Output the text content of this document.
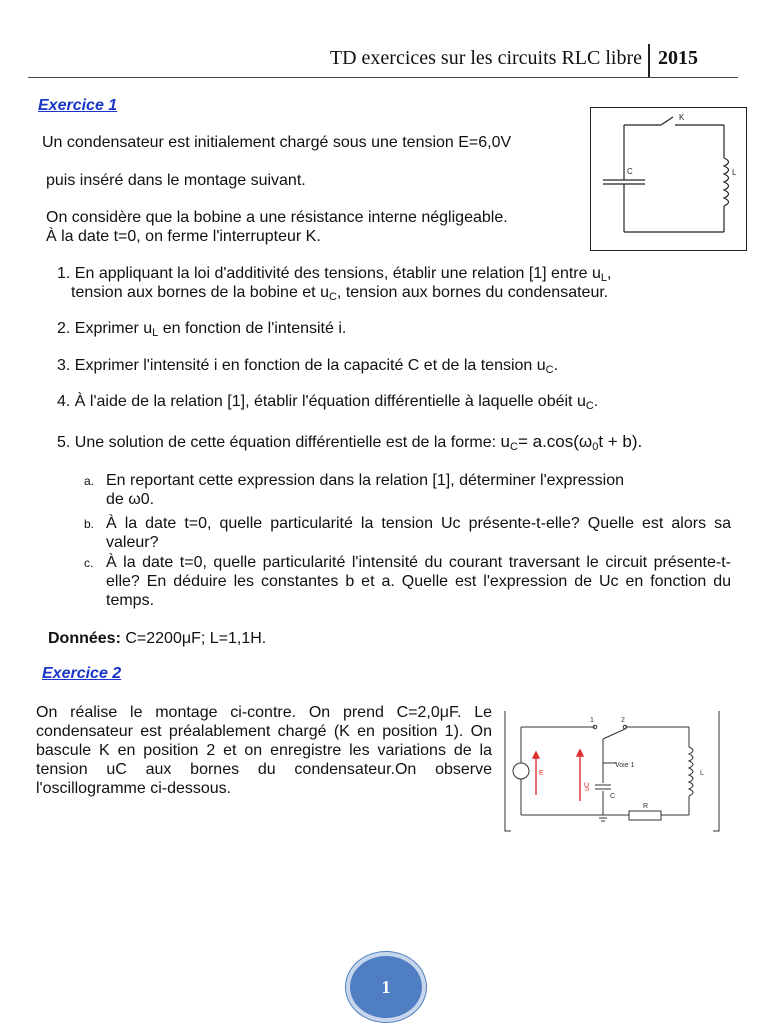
TD exercices sur les circuits RLC libre 2015
Exercice 1
Un condensateur est initialement chargé sous une tension E=6,0V
puis inséré dans le montage suivant.
On considère que la bobine a une résistance interne négligeable.
À la date t=0, on ferme l'interrupteur K.
K
C	L
1. En appliquant la loi d'additivité des tensions, établir une relation [1] entre $u_L$,
tension aux bornes de la bobine et $u_C$, tension aux bornes du condensateur.
2. Exprimer $u_L$ en fonction de l'intensité i.
3. Exprimer l'intensité i en fonction de la capacité C et de la tension $u_C$.
4. À l'aide de la relation [1], établir l'équation différentielle à laquelle obéit $u_C$.
5. Une solution de cette équation différentielle est de la forme: $u_C= a.\cos(\omega_0t + b)$.
a. En reportant cette expression dans la relation [1], déterminer l'expression
de ω0.
b. À la date t=0, quelle particularité la tension Uc présente-t-elle? Quelle est alors sa valeur?
c. À la date t=0, quelle particularité l'intensité du courant traversant le circuit présente-t-elle? En déduire les constantes b et a. Quelle est l'expression de Uc en fonction du temps.
Données: C=2200μF; L=1,1H.
Exercice 2
On réalise le montage ci-contre. On prend C=2,0μF. Le condensateur est préalablement chargé (K en position 1). On bascule K en position 2 et on enregistre les variations de la tension uC aux bornes du condensateur.On observe l'oscillogramme ci-dessous.
1	2
E
Voie 1
uC
C
L
R
1
